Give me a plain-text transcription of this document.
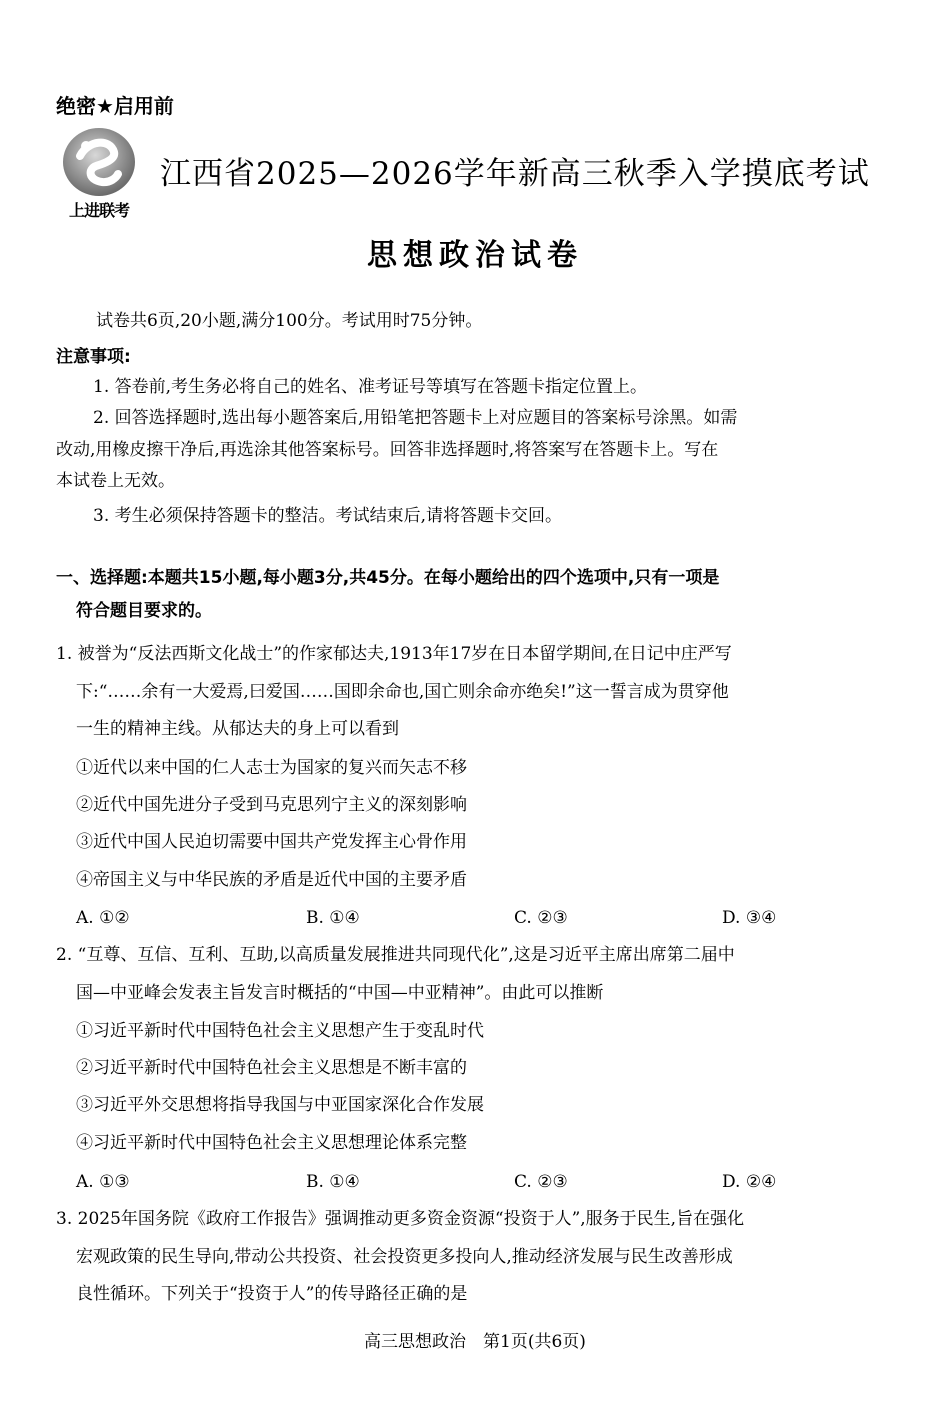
绝密★启用前
上进联考
江西省2025—2026学年新高三秋季入学摸底考试
思想政治试卷
试卷共6页,20小题,满分100分。考试用时75分钟。
注意事项:
1. 答卷前,考生务必将自己的姓名、准考证号等填写在答题卡指定位置上。
2. 回答选择题时,选出每小题答案后,用铅笔把答题卡上对应题目的答案标号涂黑。如需
改动,用橡皮擦干净后,再选涂其他答案标号。回答非选择题时,将答案写在答题卡上。写在
本试卷上无效。
3. 考生必须保持答题卡的整洁。考试结束后,请将答题卡交回。
一、选择题:本题共15小题,每小题3分,共45分。在每小题给出的四个选项中,只有一项是
符合题目要求的。
1. 被誉为“反法西斯文化战士”的作家郁达夫,1913年17岁在日本留学期间,在日记中庄严写
下:“……余有一大爱焉,曰爱国……国即余命也,国亡则余命亦绝矣!”这一誓言成为贯穿他
一生的精神主线。从郁达夫的身上可以看到
①近代以来中国的仁人志士为国家的复兴而矢志不移
②近代中国先进分子受到马克思列宁主义的深刻影响
③近代中国人民迫切需要中国共产党发挥主心骨作用
④帝国主义与中华民族的矛盾是近代中国的主要矛盾
A. ①②	B. ①④	C. ②③	D. ③④
2. “互尊、互信、互利、互助,以高质量发展推进共同现代化”,这是习近平主席出席第二届中
国—中亚峰会发表主旨发言时概括的“中国—中亚精神”。由此可以推断
①习近平新时代中国特色社会主义思想产生于变乱时代
②习近平新时代中国特色社会主义思想是不断丰富的
③习近平外交思想将指导我国与中亚国家深化合作发展
④习近平新时代中国特色社会主义思想理论体系完整
A. ①③	B. ①④	C. ②③	D. ②④
3. 2025年国务院《政府工作报告》强调推动更多资金资源“投资于人”,服务于民生,旨在强化
宏观政策的民生导向,带动公共投资、社会投资更多投向人,推动经济发展与民生改善形成
良性循环。下列关于“投资于人”的传导路径正确的是
高三思想政治　第1页(共6页)
